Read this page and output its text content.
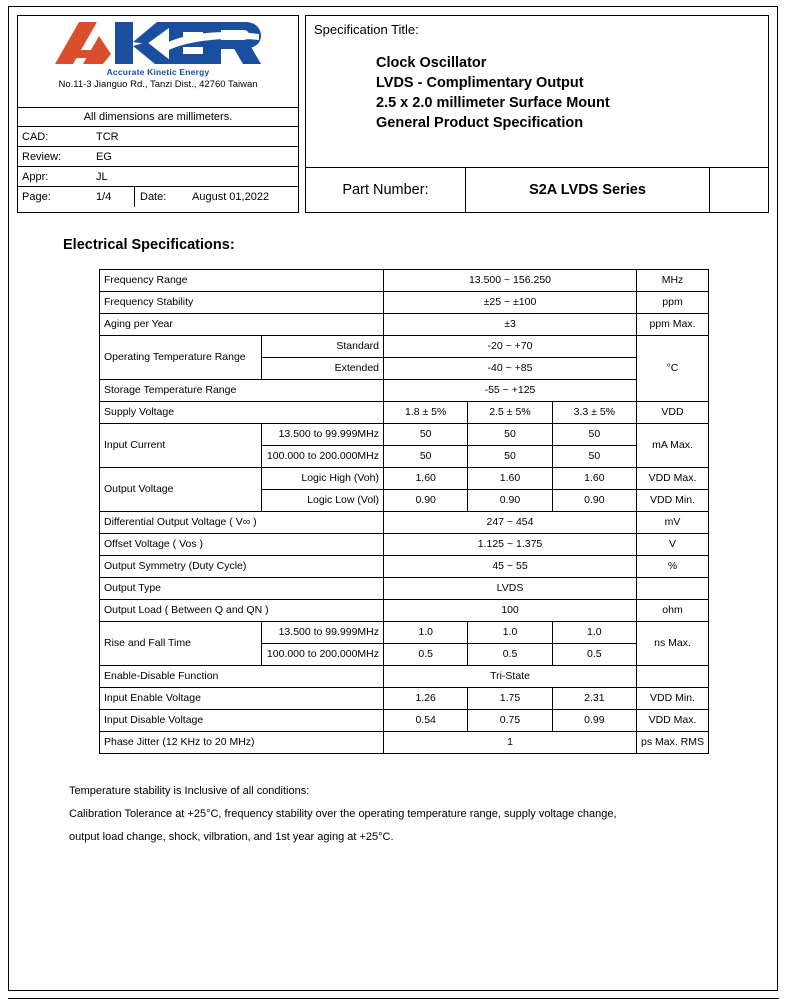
Accurate Kinetic Energy
No.11-3 Jianguo Rd., Tanzi Dist., 42760 Taiwan
All dimensions are millimeters.
CAD:	TCR
Review:	EG
Appr:	JL
Page:	1/4	Date:	August 01,2022
Specification Title:
Clock Oscillator
LVDS - Complimentary Output
2.5 x 2.0 millimeter Surface Mount
General Product Specification
Part Number:	S2A LVDS Series
Electrical Specifications:
Frequency Range		13.500 ~ 156.250			MHz
Frequency Stability		±25 ~ ±100			ppm
Aging per Year		±3			ppm Max.
Operating Temperature Range	Standard	-20 ~ +70			°C
	Extended	-40 ~ +85			
Storage Temperature Range		-55 ~ +125			
Supply Voltage		1.8 ± 5%	2.5 ± 5%	3.3 ± 5%	VDD
Input Current	13.500 to 99.999MHz	50	50	50	mA Max.
	100.000 to 200.000MHz	50	50	50	
Output Voltage	Logic High (Voh)	1.60	1.60	1.60	VDD Max.
	Logic Low (Vol)	0.90	0.90	0.90	VDD Min.
Differential Output Voltage ( V∞ )		247 ~ 454			mV
Offset Voltage ( Vos )		1.125 ~ 1.375			V
Output Symmetry (Duty Cycle)		45 ~ 55			%
Output Type		LVDS			
Output Load ( Between Q and QN )		100			ohm
Rise and Fall Time	13.500 to 99.999MHz	1.0	1.0	1.0	ns Max.
	100.000 to 200.000MHz	0.5	0.5	0.5	
Enable-Disable Function		Tri-State			
Input Enable Voltage		1.26	1.75	2.31	VDD Min.
Input Disable Voltage		0.54	0.75	0.99	VDD Max.
Phase Jitter (12 KHz to 20 MHz)		1			ps Max. RMS
Temperature stability is Inclusive of all conditions:
Calibration Tolerance at +25°C, frequency stability over the operating temperature range, supply voltage change,
output load change, shock, vilbration, and 1st year aging at +25°C.
